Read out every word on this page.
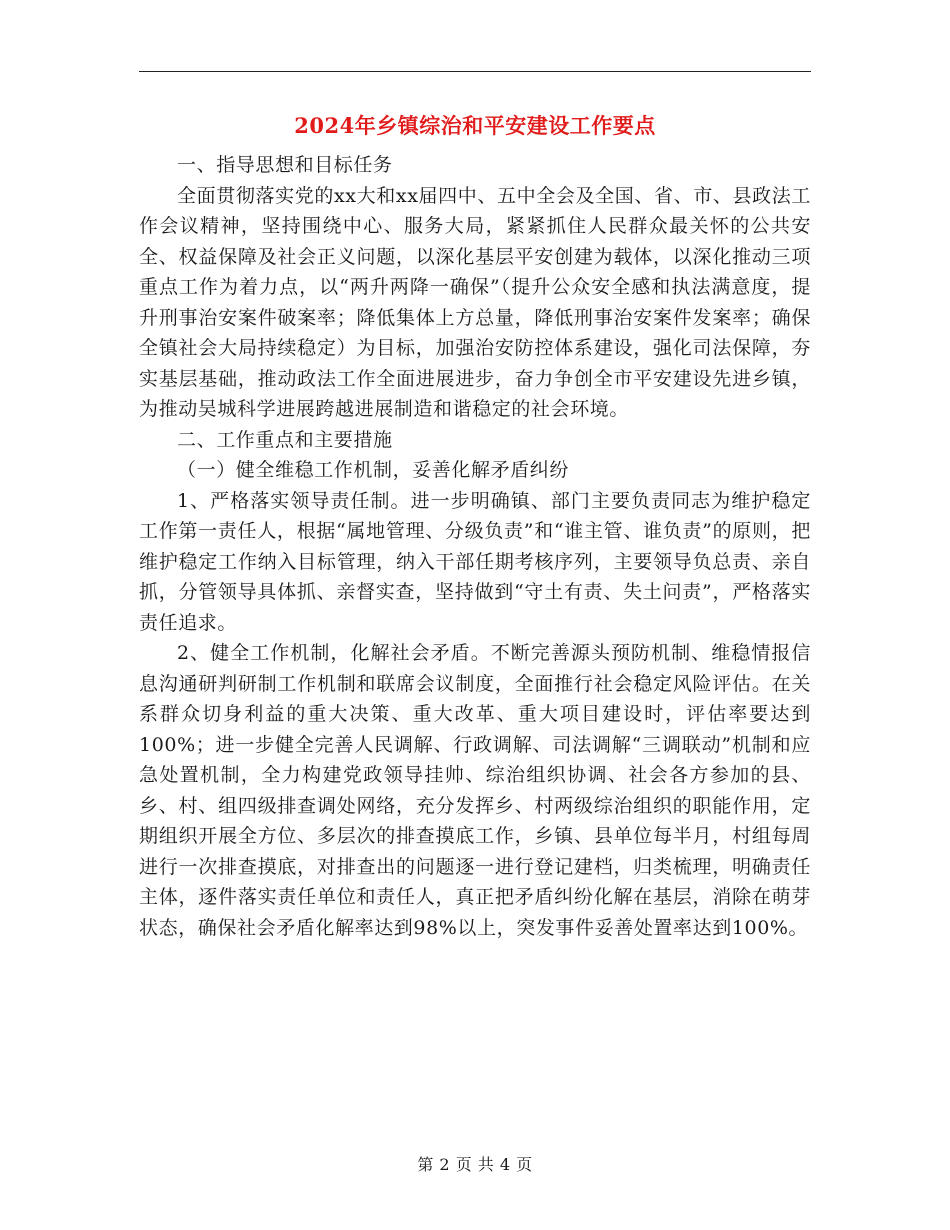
2024年乡镇综治和平安建设工作要点

一、指导思想和目标任务

全面贯彻落实党的xx大和xx届四中、五中全会及全国、省、市、县政法工作会议精神，坚持围绕中心、服务大局，紧紧抓住人民群众最关怀的公共安全、权益保障及社会正义问题，以深化基层平安创建为载体，以深化推动三项重点工作为着力点，以“两升两降一确保”（提升公众安全感和执法满意度，提升刑事治安案件破案率；降低集体上方总量，降低刑事治安案件发案率；确保全镇社会大局持续稳定）为目标，加强治安防控体系建设，强化司法保障，夯实基层基础，推动政法工作全面进展进步，奋力争创全市平安建设先进乡镇，为推动吴城科学进展跨越进展制造和谐稳定的社会环境。

二、工作重点和主要措施

（一）健全维稳工作机制，妥善化解矛盾纠纷

1、严格落实领导责任制。进一步明确镇、部门主要负责同志为维护稳定工作第一责任人，根据“属地管理、分级负责”和“谁主管、谁负责”的原则，把维护稳定工作纳入目标管理，纳入干部任期考核序列，主要领导负总责、亲自抓，分管领导具体抓、亲督实查，坚持做到“守土有责、失土问责”，严格落实责任追求。

2、健全工作机制，化解社会矛盾。不断完善源头预防机制、维稳情报信息沟通研判研制工作机制和联席会议制度，全面推行社会稳定风险评估。在关系群众切身利益的重大决策、重大改革、重大项目建设时，评估率要达到100%；进一步健全完善人民调解、行政调解、司法调解“三调联动”机制和应急处置机制，全力构建党政领导挂帅、综治组织协调、社会各方参加的县、乡、村、组四级排查调处网络，充分发挥乡、村两级综治组织的职能作用，定期组织开展全方位、多层次的排查摸底工作，乡镇、县单位每半月，村组每周进行一次排查摸底，对排查出的问题逐一进行登记建档，归类梳理，明确责任主体，逐件落实责任单位和责任人，真正把矛盾纠纷化解在基层，消除在萌芽状态，确保社会矛盾化解率达到98%以上，突发事件妥善处置率达到100%。

第 2 页 共 4 页
